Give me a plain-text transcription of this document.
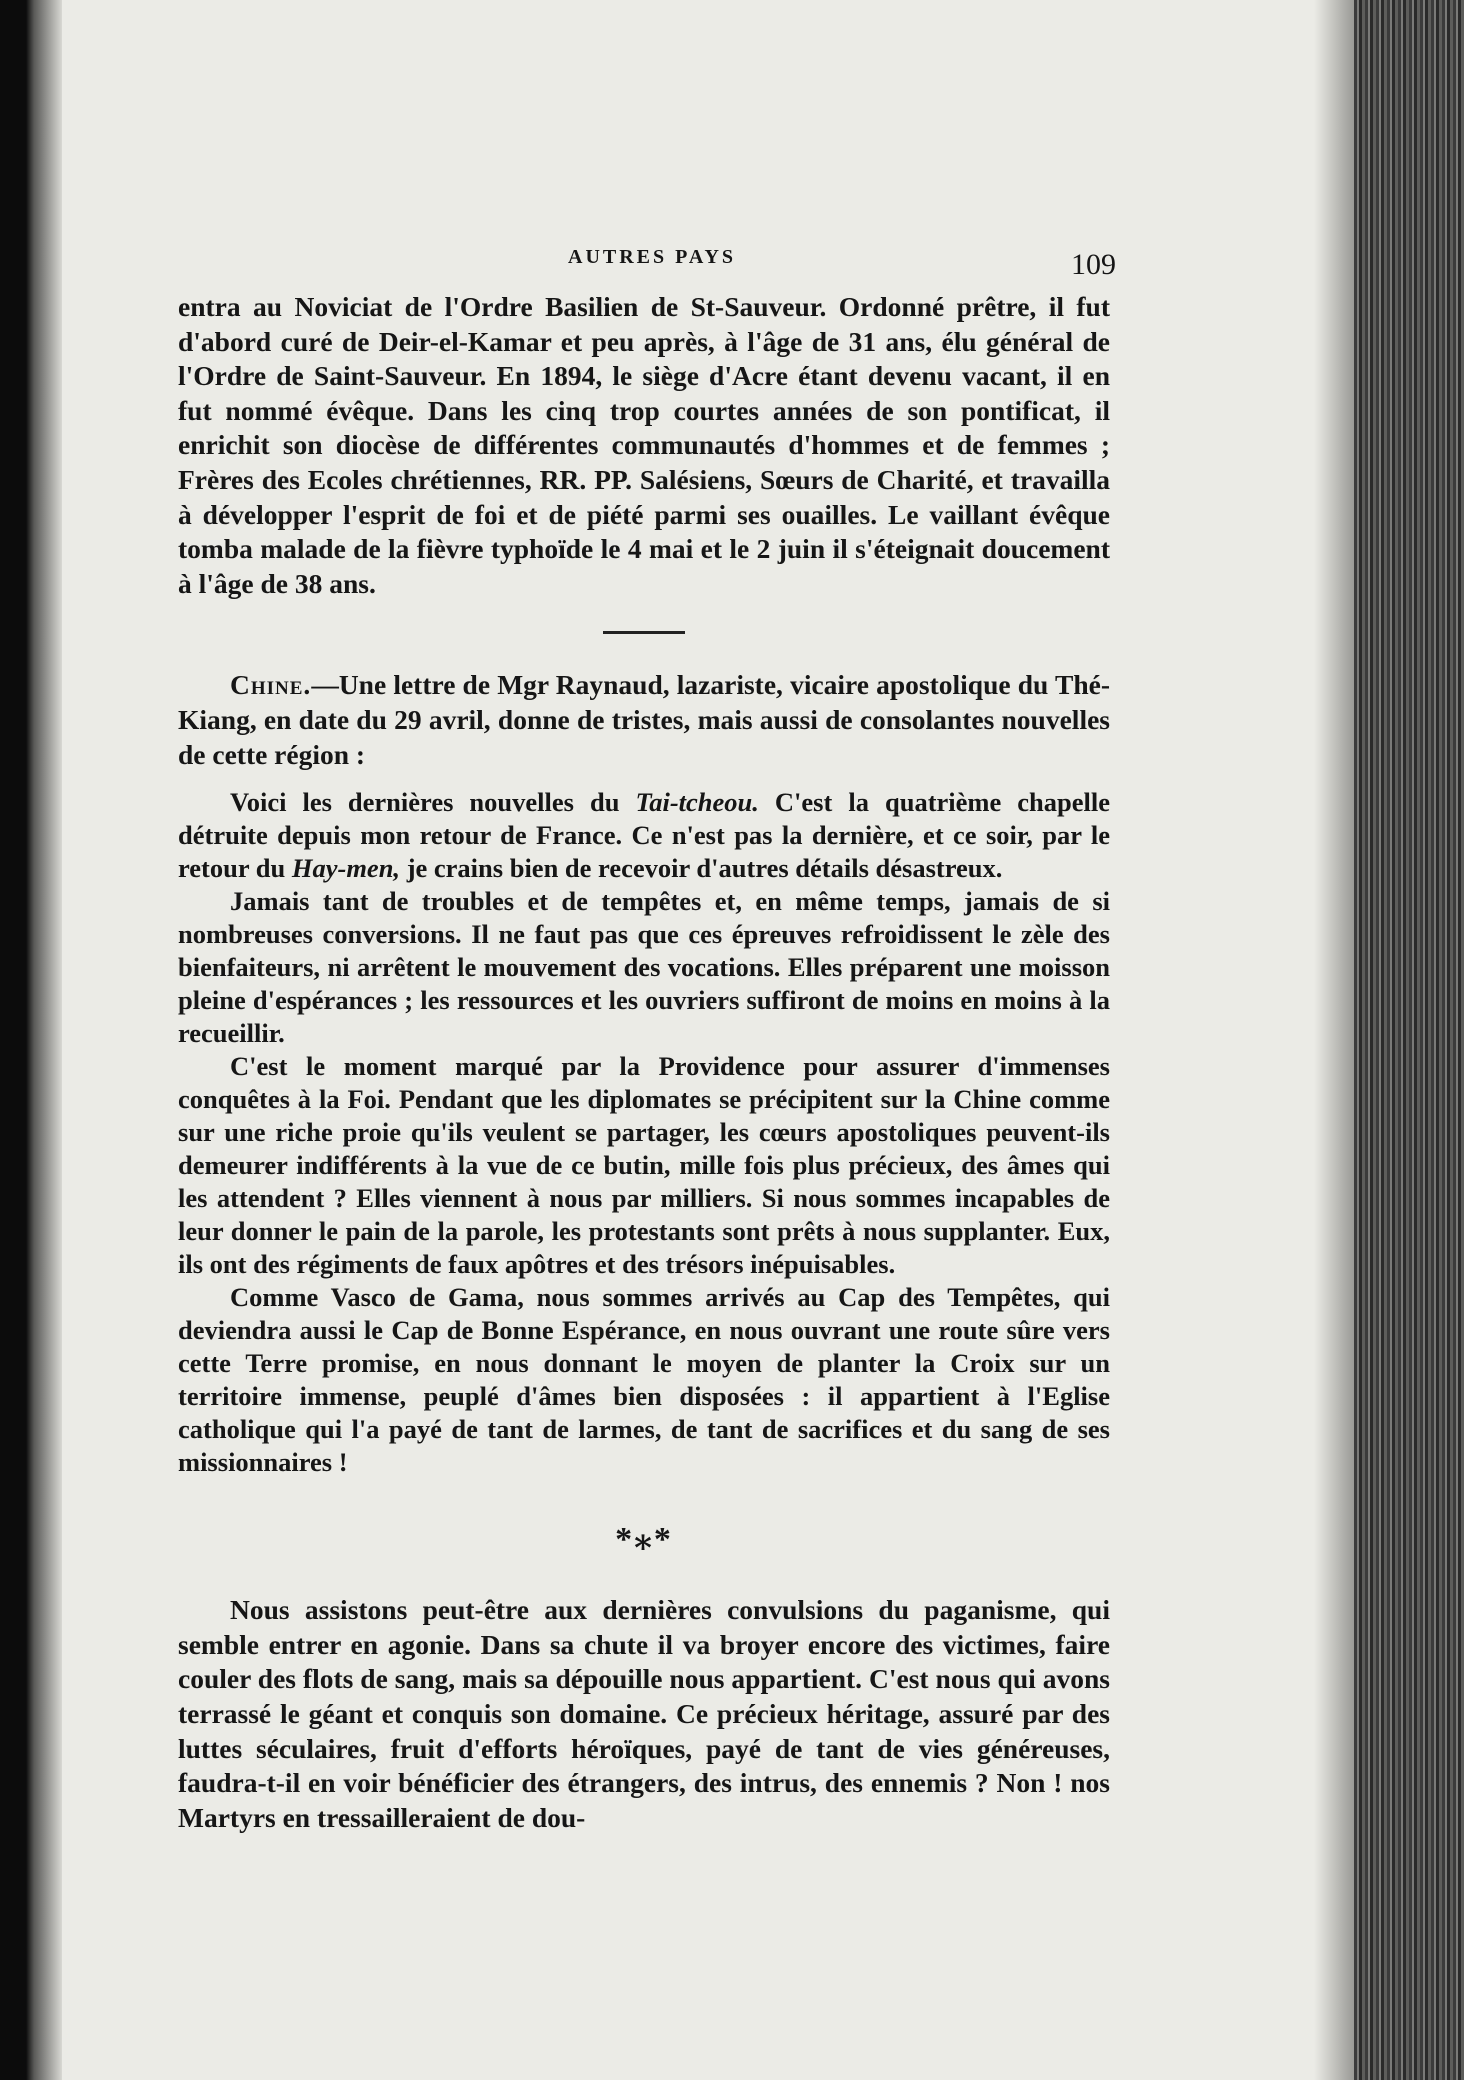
AUTRES PAYS	109

entra au Noviciat de l'Ordre Basilien de St-Sauveur. Ordonné prêtre, il fut d'abord curé de Deir-el-Kamar et peu après, à l'âge de 31 ans, élu général de l'Ordre de Saint-Sauveur. En 1894, le siège d'Acre étant devenu vacant, il en fut nommé évêque. Dans les cinq trop courtes années de son pontificat, il enrichit son diocèse de différentes communautés d'hommes et de femmes ; Frères des Ecoles chrétiennes, RR. PP. Salésiens, Sœurs de Charité, et travailla à développer l'esprit de foi et de piété parmi ses ouailles. Le vaillant évêque tomba malade de la fièvre typhoïde le 4 mai et le 2 juin il s'éteignait doucement à l'âge de 38 ans.

Chine.—Une lettre de Mgr Raynaud, lazariste, vicaire apostolique du Thé-Kiang, en date du 29 avril, donne de tristes, mais aussi de consolantes nouvelles de cette région :

Voici les dernières nouvelles du Tai-tcheou. C'est la quatrième chapelle détruite depuis mon retour de France. Ce n'est pas la dernière, et ce soir, par le retour du Hay-men, je crains bien de recevoir d'autres détails désastreux.

Jamais tant de troubles et de tempêtes et, en même temps, jamais de si nombreuses conversions. Il ne faut pas que ces épreuves refroidissent le zèle des bienfaiteurs, ni arrêtent le mouvement des vocations. Elles préparent une moisson pleine d'espérances ; les ressources et les ouvriers suffiront de moins en moins à la recueillir.

C'est le moment marqué par la Providence pour assurer d'immenses conquêtes à la Foi. Pendant que les diplomates se précipitent sur la Chine comme sur une riche proie qu'ils veulent se partager, les cœurs apostoliques peuvent-ils demeurer indifférents à la vue de ce butin, mille fois plus précieux, des âmes qui les attendent ? Elles viennent à nous par milliers. Si nous sommes incapables de leur donner le pain de la parole, les protestants sont prêts à nous supplanter. Eux, ils ont des régiments de faux apôtres et des trésors inépuisables.

Comme Vasco de Gama, nous sommes arrivés au Cap des Tempêtes, qui deviendra aussi le Cap de Bonne Espérance, en nous ouvrant une route sûre vers cette Terre promise, en nous donnant le moyen de planter la Croix sur un territoire immense, peuplé d'âmes bien disposées : il appartient à l'Eglise catholique qui l'a payé de tant de larmes, de tant de sacrifices et du sang de ses missionnaires !

*⁎*

Nous assistons peut-être aux dernières convulsions du paganisme, qui semble entrer en agonie. Dans sa chute il va broyer encore des victimes, faire couler des flots de sang, mais sa dépouille nous appartient. C'est nous qui avons terrassé le géant et conquis son domaine. Ce précieux héritage, assuré par des luttes séculaires, fruit d'efforts héroïques, payé de tant de vies généreuses, faudra-t-il en voir bénéficier des étrangers, des intrus, des ennemis ? Non ! nos Martyrs en tressailleraient de dou-
